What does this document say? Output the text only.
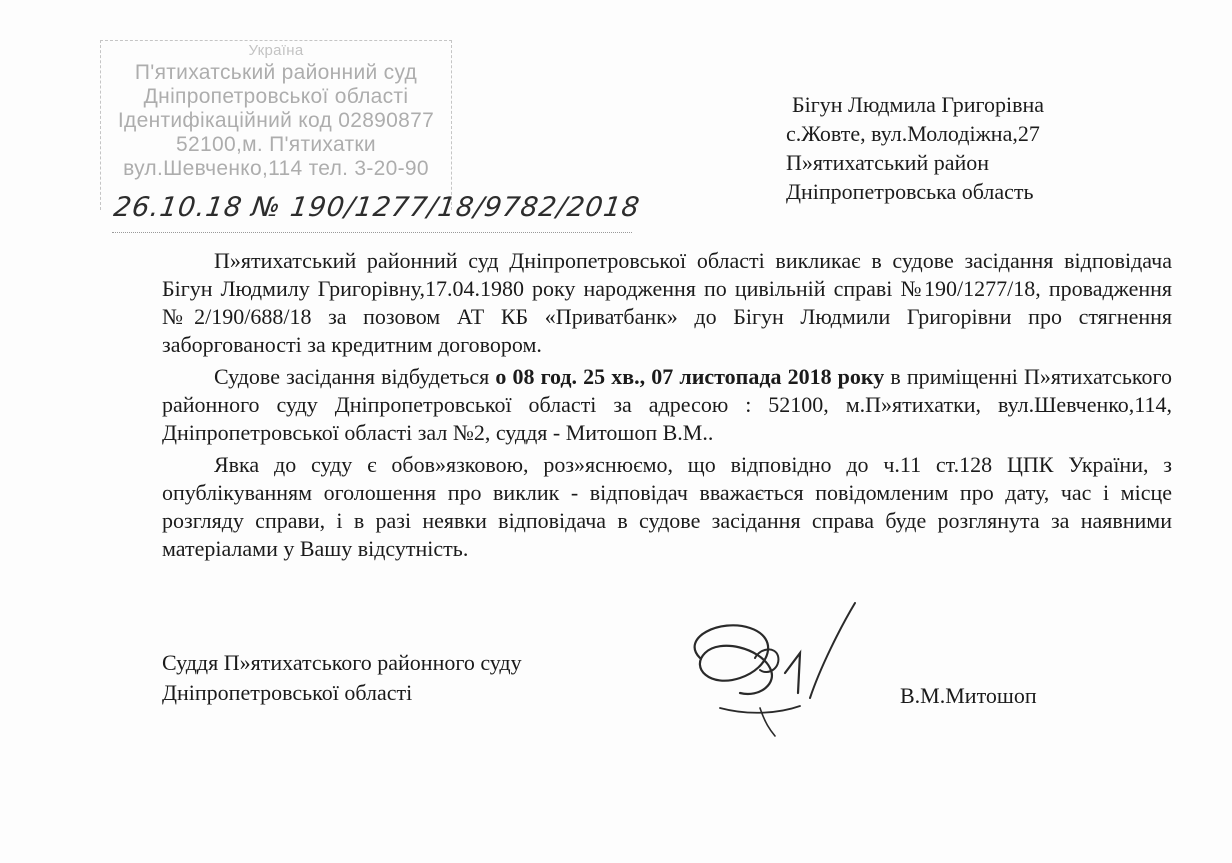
Україна
П'ятихатський районний суд
Дніпропетровської області
Ідентифікаційний код 02890877
52100,м. П'ятихатки
вул.Шевченко,114 тел. 3-20-90
26.10.18 № 190/1277/18/9782/2018
Бігун Людмила Григорівна
с.Жовте, вул.Молодіжна,27
П»ятихатський район
Дніпропетровська область

П»ятихатський районний суд Дніпропетровської області викликає в судове засідання відповідача Бігун Людмилу Григорівну,17.04.1980 року народження по цивільній справі №190/1277/18, провадження №2/190/688/18 за позовом АТ КБ «Приватбанк» до Бігун Людмили Григорівни про стягнення заборгованості за кредитним договором.

Судове засідання відбудеться о 08 год. 25 хв., 07 листопада 2018 року в приміщенні П»ятихатського районного суду Дніпропетровської області за адресою : 52100, м.П»ятихатки, вул.Шевченко,114, Дніпропетровської області зал №2, суддя - Митошоп В.М..

Явка до суду є обов»язковою, роз»яснюємо, що відповідно до ч.11 ст.128 ЦПК України, з опублікуванням оголошення про виклик - відповідач вважається повідомленим про дату, час і місце розгляду справи, і в разі неявки відповідача в судове засідання справа буде розглянута за наявними матеріалами у Вашу відсутність.

Суддя П»ятихатського районного суду
Дніпропетровської області	В.М.Митошоп
